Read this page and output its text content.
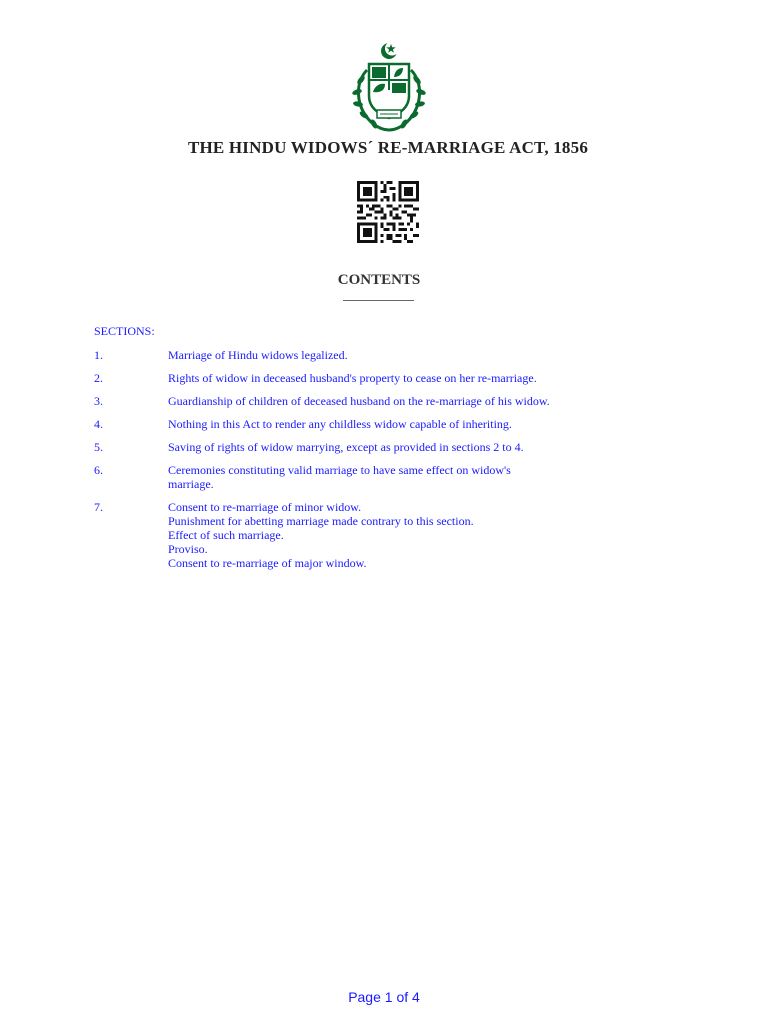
THE HINDU WIDOWS´ RE-MARRIAGE ACT, 1856
CONTENTS
SECTIONS:
1.	Marriage of Hindu widows legalized.
2.	Rights of widow in deceased husband's property to cease on her re-marriage.
3.	Guardianship of children of deceased husband on the re-marriage of his widow.
4.	Nothing in this Act to render any childless widow capable of inheriting.
5.	Saving of rights of widow marrying, except as provided in sections 2 to 4.
6.	Ceremonies constituting valid marriage to have same effect on widow's
marriage.
7.	Consent to re-marriage of minor widow.
Punishment for abetting marriage made contrary to this section.
Effect of such marriage.
Proviso.
Consent to re-marriage of major window.
Page 1 of 4
